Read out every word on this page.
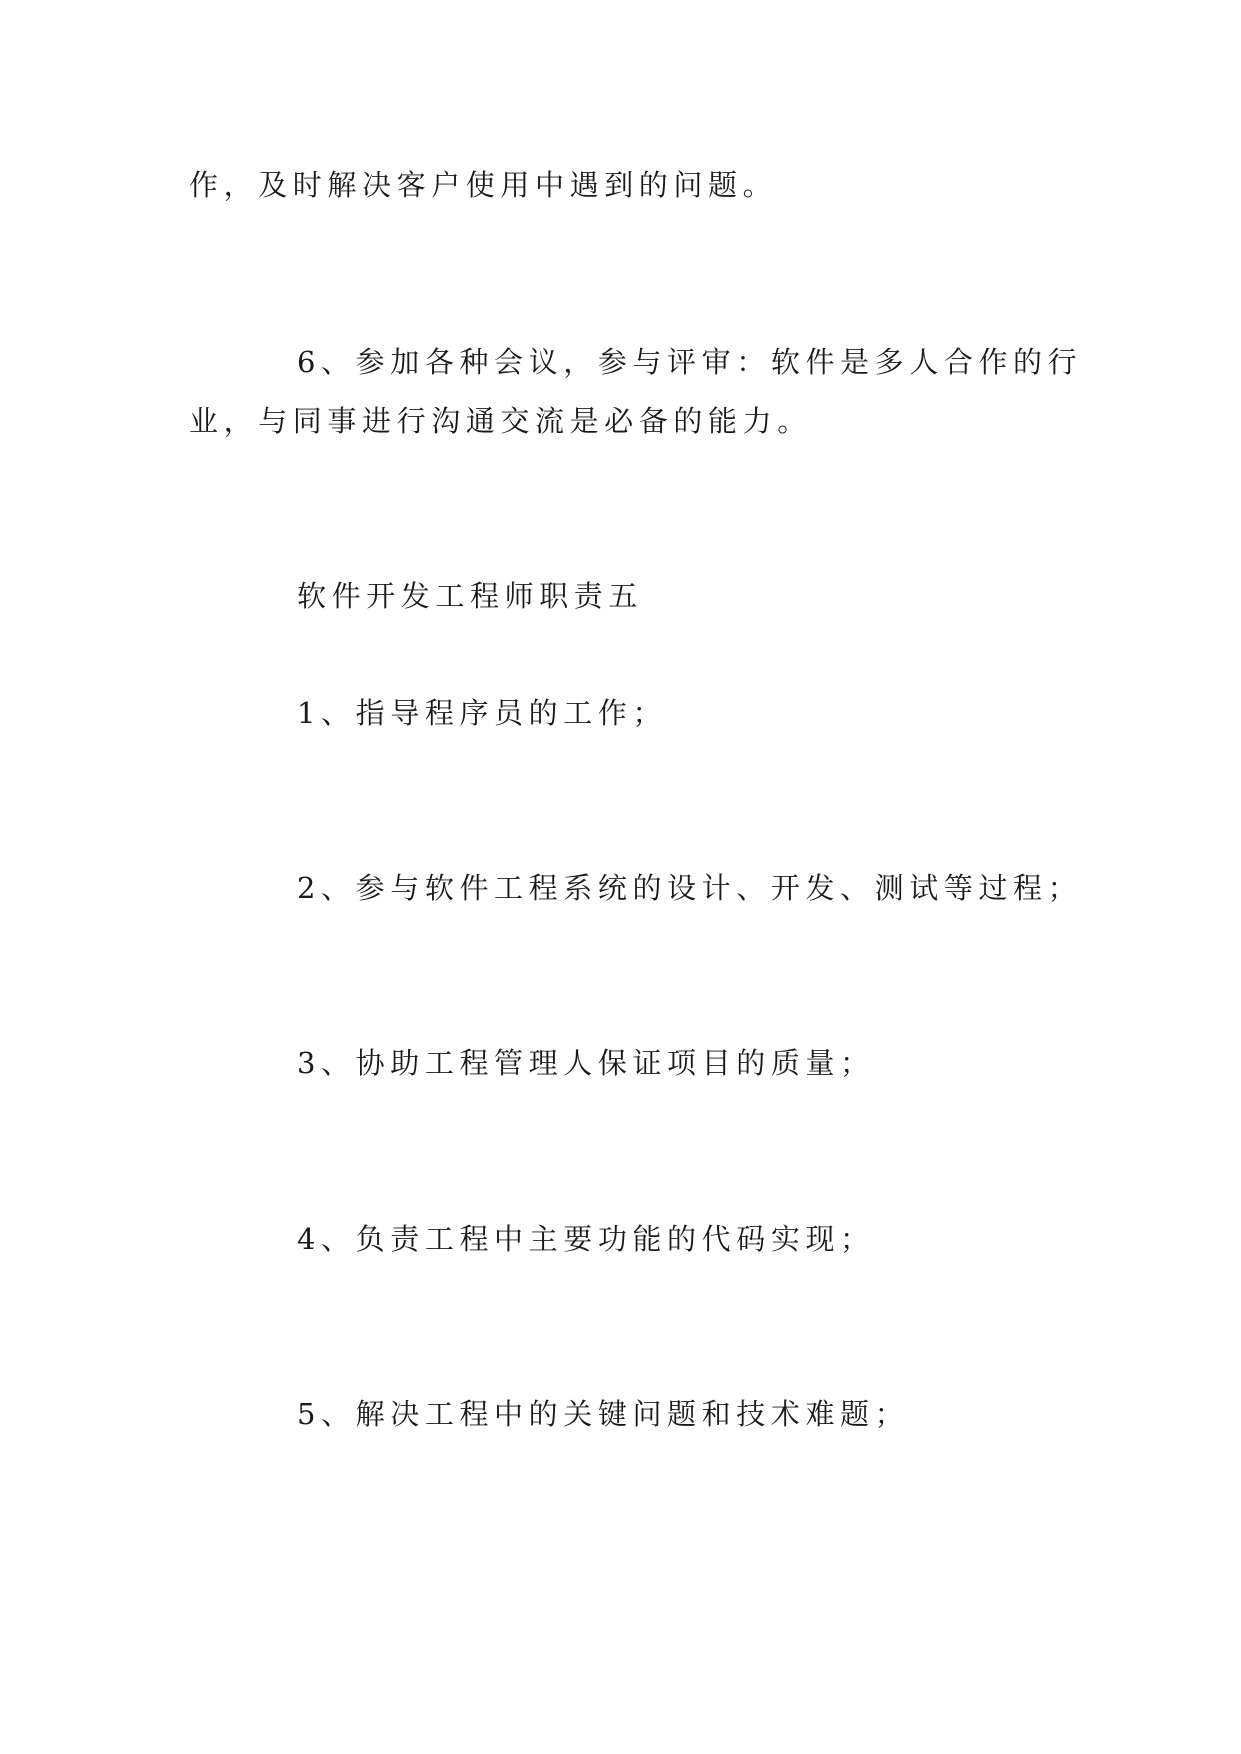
作，及时解决客户使用中遇到的问题。
6、参加各种会议，参与评审：软件是多人合作的行
业，与同事进行沟通交流是必备的能力。
软件开发工程师职责五
1、指导程序员的工作；
2、参与软件工程系统的设计、开发、测试等过程；
3、协助工程管理人保证项目的质量；
4、负责工程中主要功能的代码实现；
5、解决工程中的关键问题和技术难题；
